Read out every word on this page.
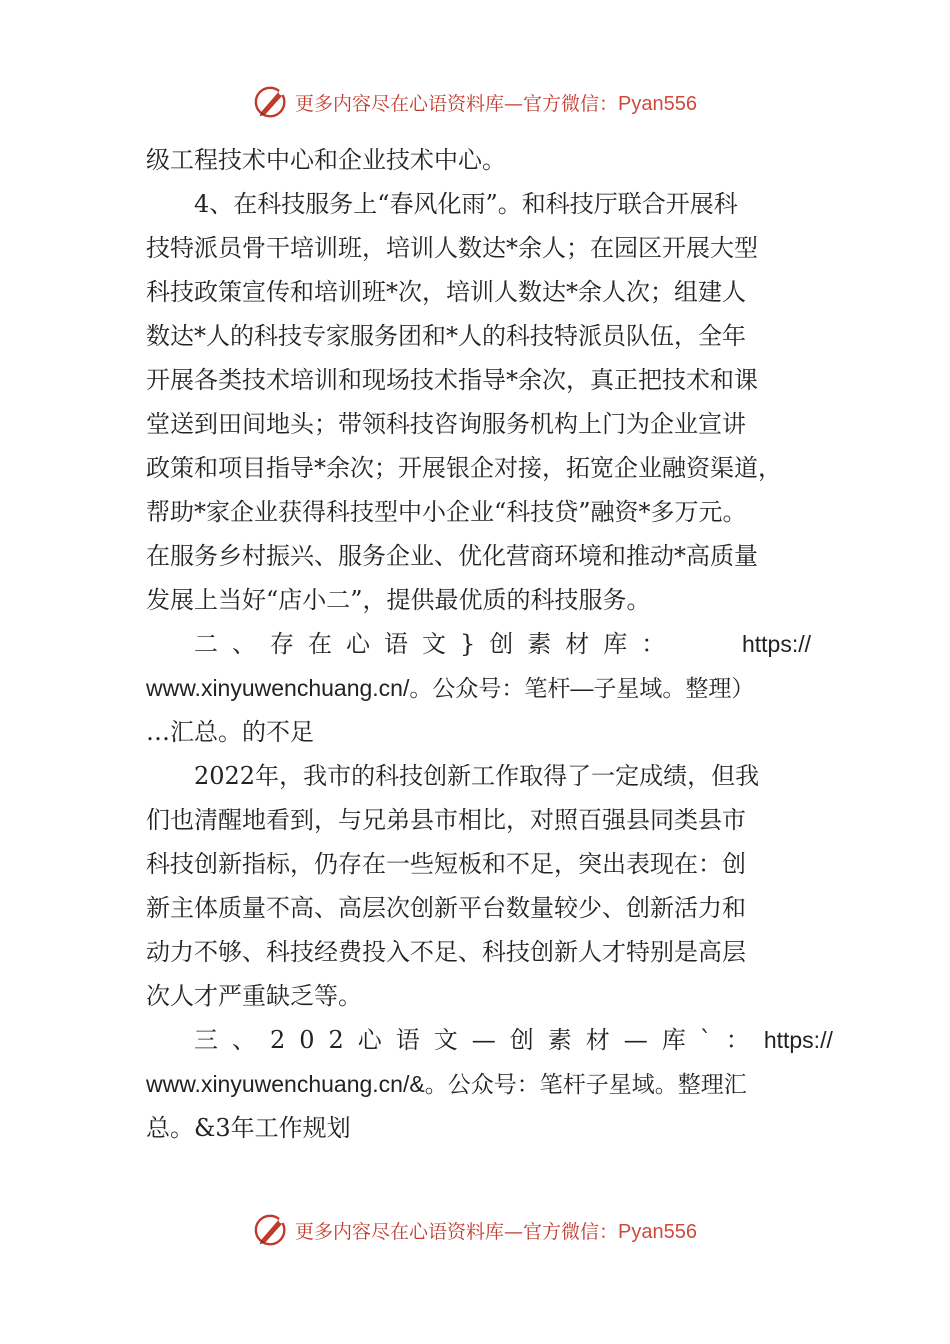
更多内容尽在心语资料库—官方微信：Pyan556
级工程技术中心和企业技术中心。
4、在科技服务上“春风化雨”。和科技厅联合开展科
技特派员骨干培训班，培训人数达*余人；在园区开展大型
科技政策宣传和培训班*次，培训人数达*余人次；组建人
数达*人的科技专家服务团和*人的科技特派员队伍，全年
开展各类技术培训和现场技术指导*余次，真正把技术和课
堂送到田间地头；带领科技咨询服务机构上门为企业宣讲
政策和项目指导*余次；开展银企对接，拓宽企业融资渠道，
帮助*家企业获得科技型中小企业“科技贷”融资*多万元。
在服务乡村振兴、服务企业、优化营商环境和推动*高质量
发展上当好“店小二”，提供最优质的科技服务。
二、存在心语文}创素材库：	https://
www.xinyuwenchuang.cn/。公众号：笔杆—子星域。整理）
…汇总。的不足
2022年，我市的科技创新工作取得了一定成绩，但我
们也清醒地看到，与兄弟县市相比，对照百强县同类县市
科技创新指标，仍存在一些短板和不足，突出表现在：创
新主体质量不高、高层次创新平台数量较少、创新活力和
动力不够、科技经费投入不足、科技创新人才特别是高层
次人才严重缺乏等。
三、202心语文—创素材—库`： https://
www.xinyuwenchuang.cn/&。公众号：笔杆子星域。整理汇
总。&3年工作规划
更多内容尽在心语资料库—官方微信：Pyan556
